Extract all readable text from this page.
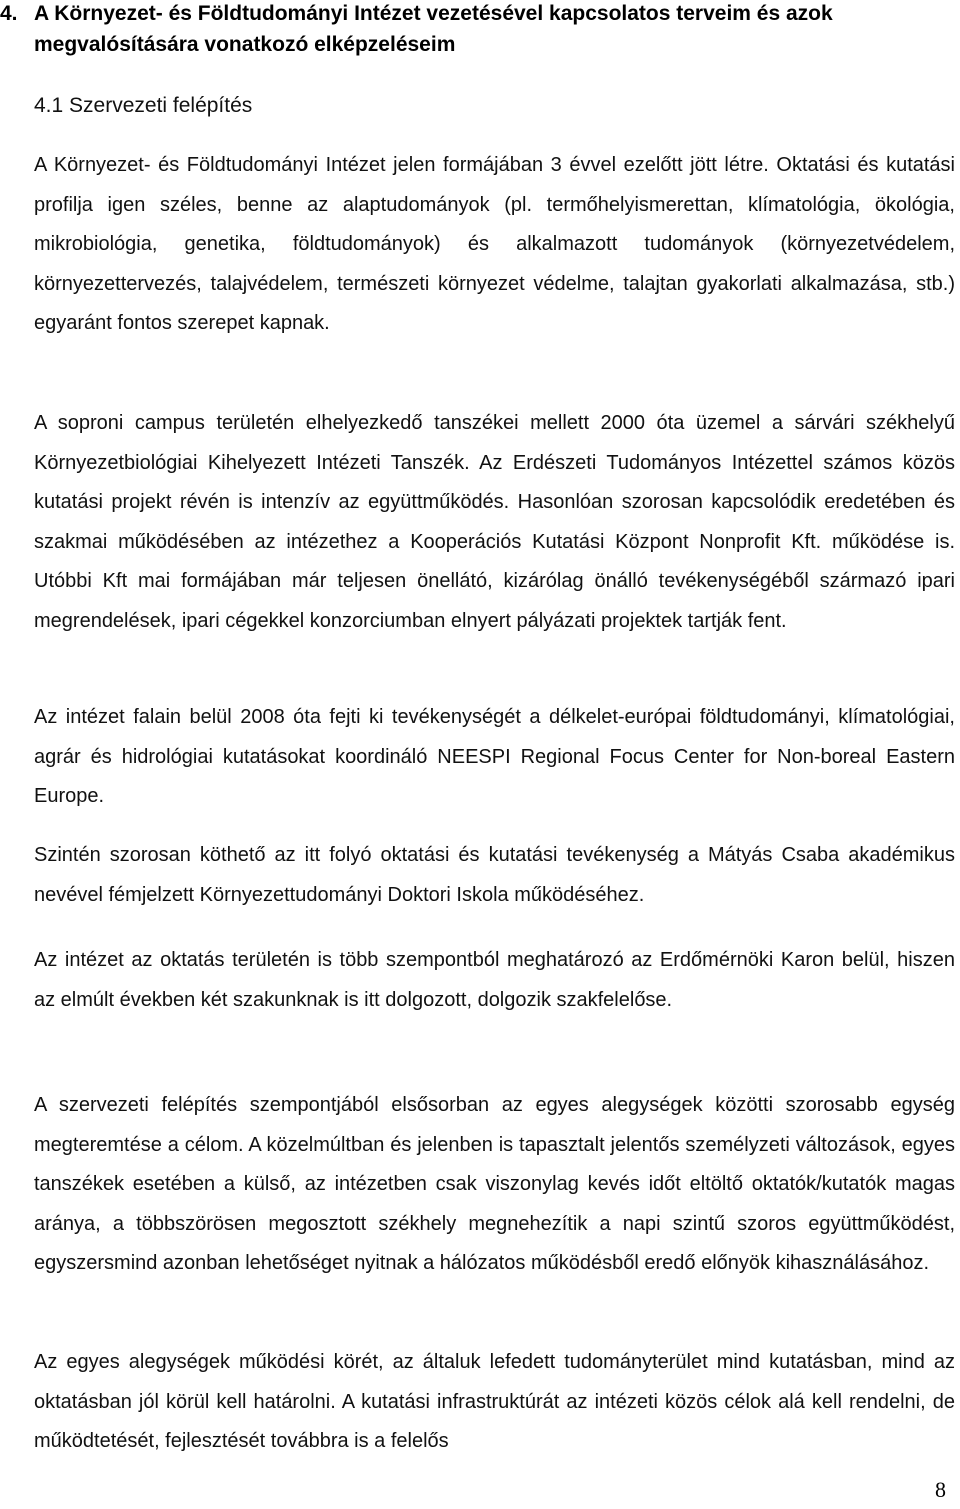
4. A Környezet- és Földtudományi Intézet vezetésével kapcsolatos terveim és azok megvalósítására vonatkozó elképzeléseim
4.1 Szervezeti felépítés

A Környezet- és Földtudományi Intézet jelen formájában 3 évvel ezelőtt jött létre. Oktatási és kutatási profilja igen széles, benne az alaptudományok (pl. termőhelyismerettan, klímatológia, ökológia, mikrobiológia, genetika, földtudományok) és alkalmazott tudományok (környezetvédelem, környezettervezés, talajvédelem, természeti környezet védelme, talajtan gyakorlati alkalmazása, stb.) egyaránt fontos szerepet kapnak.

A soproni campus területén elhelyezkedő tanszékei mellett 2000 óta üzemel a sárvári székhelyű Környezetbiológiai Kihelyezett Intézeti Tanszék. Az Erdészeti Tudományos Intézettel számos közös kutatási projekt révén is intenzív az együttműködés. Hasonlóan szorosan kapcsolódik eredetében és szakmai működésében az intézethez a Kooperációs Kutatási Központ Nonprofit Kft. működése is. Utóbbi Kft mai formájában már teljesen önellátó, kizárólag önálló tevékenységéből származó ipari megrendelések, ipari cégekkel konzorciumban elnyert pályázati projektek tartják fent.

Az intézet falain belül 2008 óta fejti ki tevékenységét a délkelet-európai földtudományi, klímatológiai, agrár és hidrológiai kutatásokat koordináló NEESPI Regional Focus Center for Non-boreal Eastern Europe.

Szintén szorosan köthető az itt folyó oktatási és kutatási tevékenység a Mátyás Csaba akadémikus nevével fémjelzett Környezettudományi Doktori Iskola működéséhez.

Az intézet az oktatás területén is több szempontból meghatározó az Erdőmérnöki Karon belül, hiszen az elmúlt években két szakunknak is itt dolgozott, dolgozik szakfelelőse.

A szervezeti felépítés szempontjából elsősorban az egyes alegységek közötti szorosabb egység megteremtése a célom. A közelmúltban és jelenben is tapasztalt jelentős személyzeti változások, egyes tanszékek esetében a külső, az intézetben csak viszonylag kevés időt eltöltő oktatók/kutatók magas aránya, a többszörösen megosztott székhely megnehezítik a napi szintű szoros együttműködést, egyszersmind azonban lehetőséget nyitnak a hálózatos működésből eredő előnyök kihasználásához.

Az egyes alegységek működési körét, az általuk lefedett tudományterület mind kutatásban, mind az oktatásban jól körül kell határolni. A kutatási infrastruktúrát az intézeti közös célok alá kell rendelni, de működtetését, fejlesztését továbbra is a felelős

8
